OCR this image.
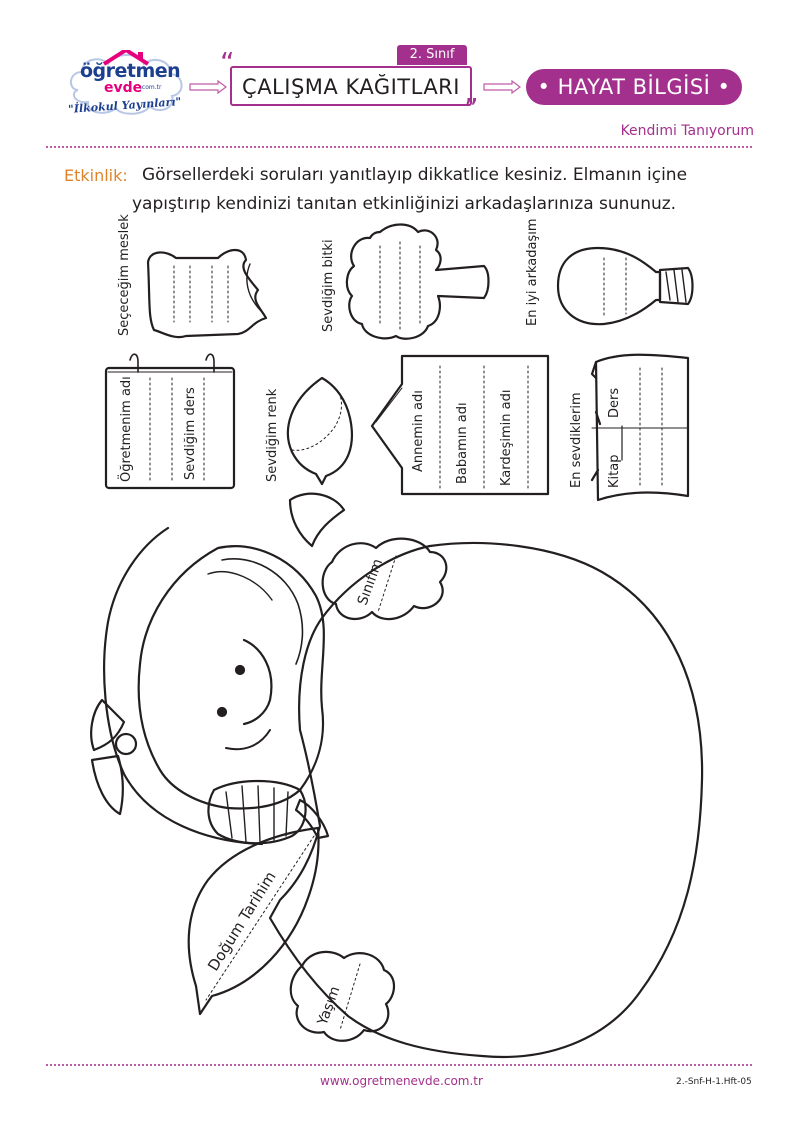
öğretmen
evde
.com.tr
"İlkokul Yayınları"
“	2. Sınıf
ÇALIŞMA KAĞITLARI
”
• HAYAT BİLGİSİ •
Kendimi Tanıyorum
Etkinlik: Görsellerdeki soruları yanıtlayıp dikkatlice kesiniz. Elmanın içine
yapıştırıp kendinizi tanıtan etkinliğinizi arkadaşlarınıza sununuz.
Seçeceğim meslek	Sevdiğim bitki	En iyi arkadaşım
Öğretmenim adı	Sevdiğim ders	Sevdiğim renk	Annemin adı Babamın adı Kardeşimin adı	En sevdiklerim Kitap
Ders
Sınıfım
Doğum Tarihim
Yaşım
www.ogretmenevde.com.tr	2.-Snf-H-1.Hft-05
